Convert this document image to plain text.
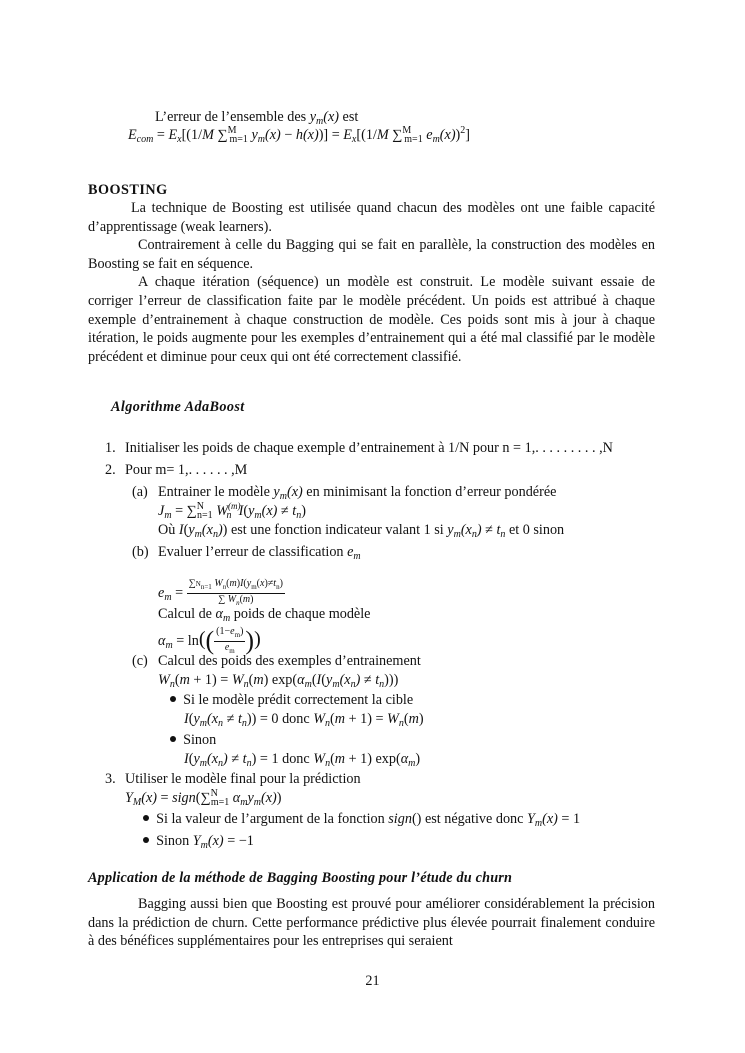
L’erreur de l’ensemble des $y_m(x)$ est
$E_{com} = E_x[(1/M$ ∑$^M_{m=1}$ $y_m(x) - h(x))] = E_x[(1/M$ ∑$^M_{m=1}$ $e_m(x))^2$]
BOOSTING

La technique de Boosting est utilisée quand chacun des modèles ont une faible capacité d’apprentissage (weak learners).

Contrairement à celle du Bagging qui se fait en parallèle, la construction des modèles en Boosting se fait en séquence.

A chaque itération (séquence) un modèle est construit. Le modèle suivant essaie de corriger l’erreur de classification faite par le modèle précédent. Un poids est attribué à chaque exemple d’entrainement à chaque construction de modèle. Ces poids sont mis à jour à chaque itération, le poids augmente pour les exemples d’entrainement qui a été mal classifié par le modèle précédent et diminue pour ceux qui ont été correctement classifié.

Algorithme AdaBoost
1. Initialiser les poids de chaque exemple d’entrainement à 1/N pour n = 1,. . . . . . . . . ,N
2. Pour m= 1,. . . . . . ,M
(a) Entrainer le modèle $y_m(x)$ en minimisant la fonction d’erreur pondérée
$J_m = \sum^N_{n=1}$ $W^{(m)}_n$ $I(y_m(x) \ne t_n)$
Où $I(y_m(x_n))$ est une fonction indicateur valant 1 si $y_m(x_n) \ne t_n$ et 0 sinon
(b) Evaluer l’erreur de classification $e_m$
$e_m = \frac{\sum N_{n=1} W_n(m)I(y_m(x)\ne t_n)}{\sum W_n(m)}$
Calcul de $\alpha_m$ poids de chaque modèle
$\alpha_m = \ln(( \frac{(1-e_m)}{e_m}$ ))
(c) Calcul des poids des exemples d’entrainement
$W_n(m + 1) = W_n(m) \exp(\alpha_m(I(y_m(x_n) \ne t_n)))$
Si le modèle prédit correctement la cible
$I(y_m(x_n \ne t_n)) = 0$ donc $W_n(m + 1) = W_n(m)$
Sinon
$I(y_m(x_n) \ne t_n) = 1$ donc $W_n(m + 1)$ $\exp(\alpha_m)$
3. Utiliser le modèle final pour la prédiction
$Y_M(x)$ = sign(∑$^N_{m=1}$ $\alpha_my_m(x)$)
Si la valeur de l’argument de la fonction sign() est négative donc $Y_m(x) = 1$
Sinon $Y_m(x) = -1$
Application de la méthode de Bagging Boosting pour l’étude du churn

Bagging aussi bien que Boosting est prouvé pour améliorer considérablement la précision dans la prédiction de churn. Cette performance prédictive plus élevée pourrait finalement conduire à des bénéfices supplémentaires pour les entreprises qui seraient

21
